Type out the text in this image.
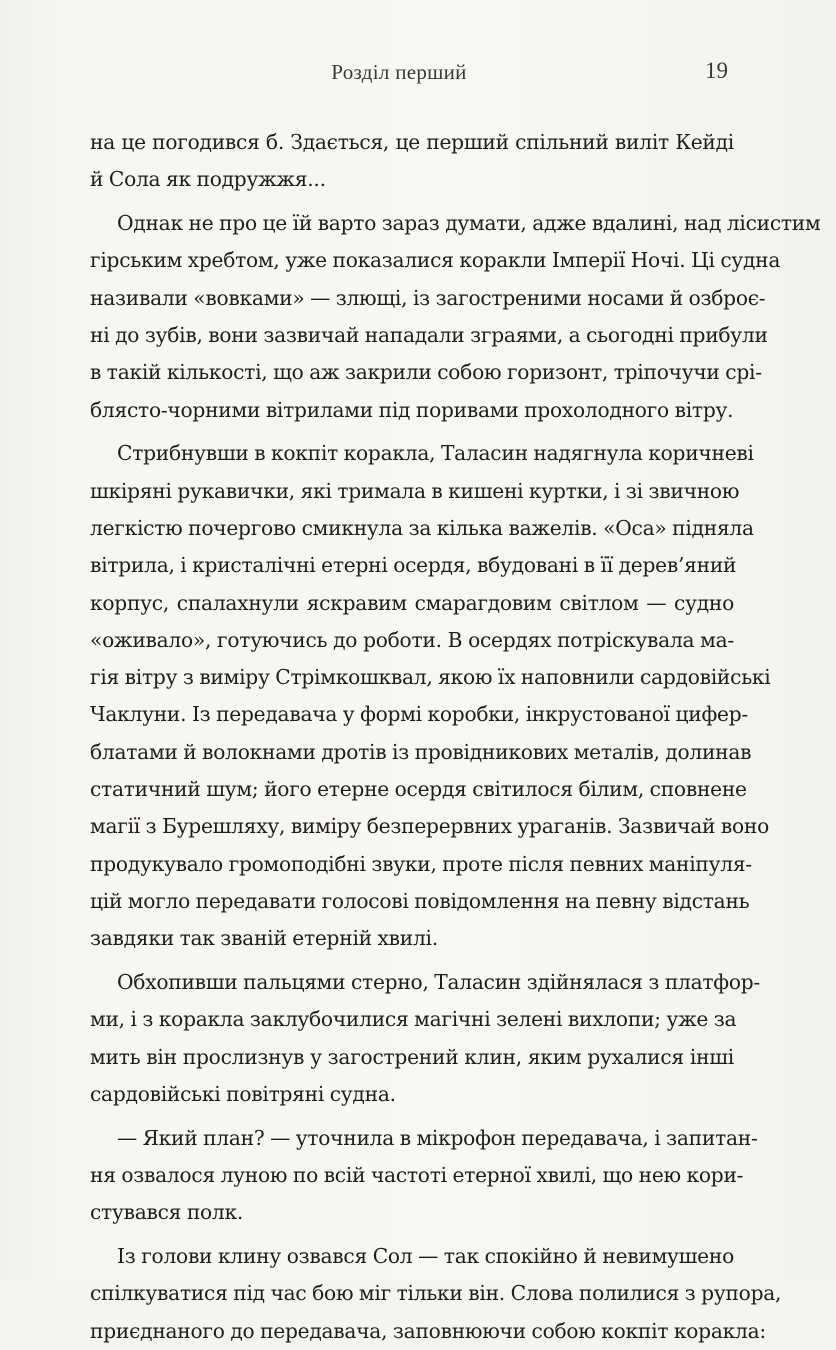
Розділ перший	19
на це погодився б. Здається, це перший спільний виліт Кейді
й Сола як подружжя...
Однак не про це їй варто зараз думати, адже вдалині, над лісистим
гірським хребтом, уже показалися коракли Імперії Ночі. Ці судна
називали «вовками» — злющі, із загостреними носами й озброє-
ні до зубів, вони зазвичай нападали зграями, а сьогодні прибули
в такій кількості, що аж закрили собою горизонт, тріпочучи срі-
блясто-чорними вітрилами під поривами прохолодного вітру.
Стрибнувши в кокпіт коракла, Таласин надягнула коричневі
шкіряні рукавички, які тримала в кишені куртки, і зі звичною
легкістю почергово смикнула за кілька важелів. «Оса» підняла
вітрила, і кристалічні етерні осердя, вбудовані в її дерев’яний
корпус, спалахнули яскравим смарагдовим світлом — судно
«оживало», готуючись до роботи. В осердях потріскувала ма-
гія вітру з виміру Стрімкошквал, якою їх наповнили сардовійські
Чаклуни. Із передавача у формі коробки, інкрустованої цифер-
блатами й волокнами дротів із провідникових металів, долинав
статичний шум; його етерне осердя світилося білим, сповнене
магії з Бурешляху, виміру безперервних ураганів. Зазвичай воно
продукувало громоподібні звуки, проте після певних маніпуля-
цій могло передавати голосові повідомлення на певну відстань
завдяки так званій етерній хвилі.
Обхопивши пальцями стерно, Таласин здійнялася з платфор-
ми, і з коракла заклубочилися магічні зелені вихлопи; уже за
мить він прослизнув у загострений клин, яким рухалися інші
сардовійські повітряні судна.
— Який план? — уточнила в мікрофон передавача, і запитан-
ня озвалося луною по всій частоті етерної хвилі, що нею кори-
стувався полк.
Із голови клину озвався Сол — так спокійно й невимушено
спілкуватися під час бою міг тільки він. Слова полилися з рупора,
приєднаного до передавача, заповнюючи собою кокпіт коракла:
